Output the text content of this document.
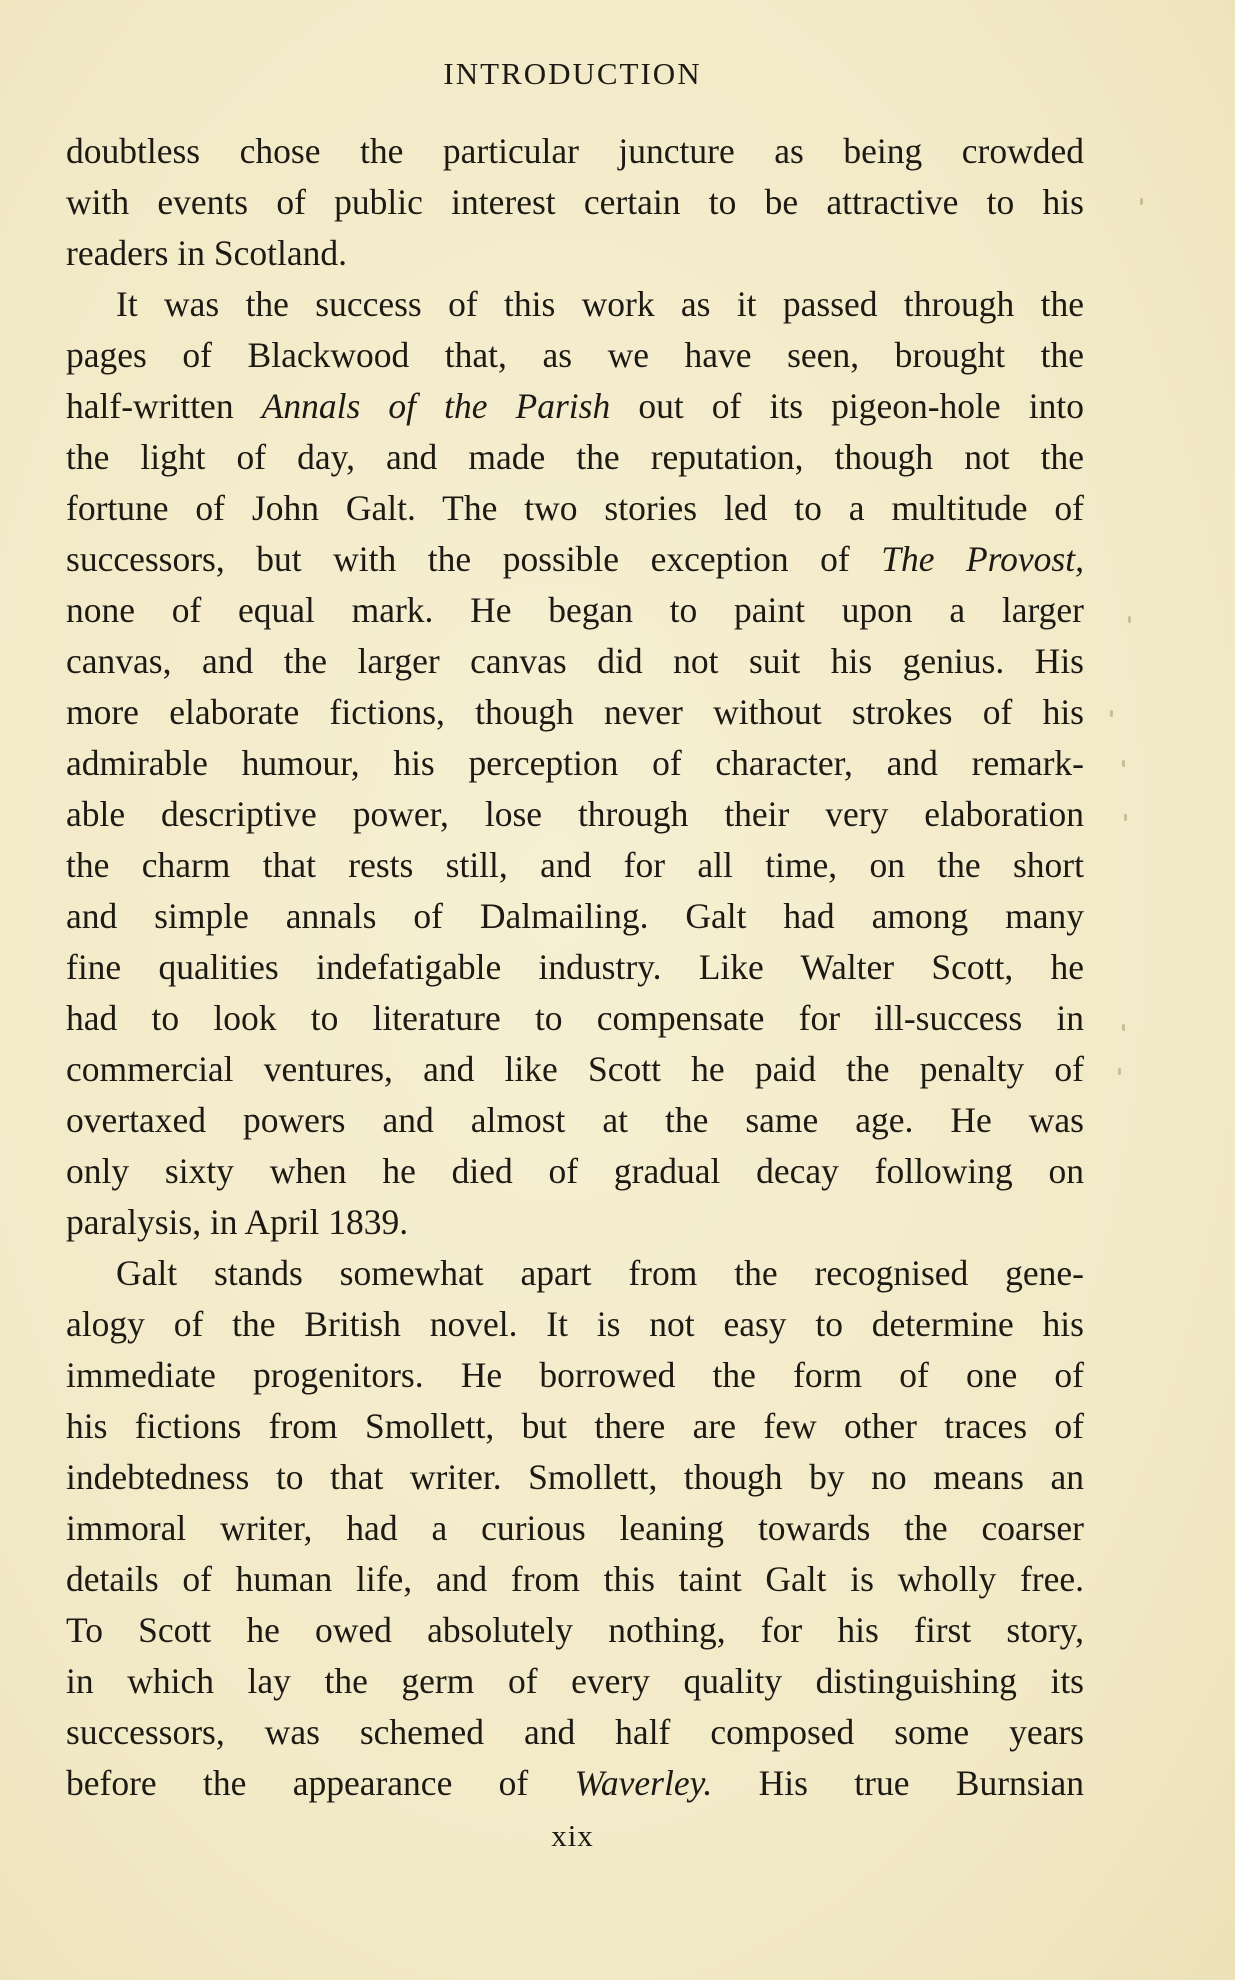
INTRODUCTION
doubtless chose the particular juncture as being crowded
with events of public interest certain to be attractive to his
readers in Scotland.
It was the success of this work as it passed through the
pages of Blackwood that, as we have seen, brought the
half-written Annals of the Parish out of its pigeon-hole into
the light of day, and made the reputation, though not the
fortune of John Galt. The two stories led to a multitude of
successors, but with the possible exception of The Provost,
none of equal mark. He began to paint upon a larger
canvas, and the larger canvas did not suit his genius. His
more elaborate fictions, though never without strokes of his
admirable humour, his perception of character, and remark-
able descriptive power, lose through their very elaboration
the charm that rests still, and for all time, on the short
and simple annals of Dalmailing. Galt had among many
fine qualities indefatigable industry. Like Walter Scott, he
had to look to literature to compensate for ill-success in
commercial ventures, and like Scott he paid the penalty of
overtaxed powers and almost at the same age. He was
only sixty when he died of gradual decay following on
paralysis, in April 1839.
Galt stands somewhat apart from the recognised gene-
alogy of the British novel. It is not easy to determine his
immediate progenitors. He borrowed the form of one of
his fictions from Smollett, but there are few other traces of
indebtedness to that writer. Smollett, though by no means an
immoral writer, had a curious leaning towards the coarser
details of human life, and from this taint Galt is wholly free.
To Scott he owed absolutely nothing, for his first story,
in which lay the germ of every quality distinguishing its
successors, was schemed and half composed some years
before the appearance of Waverley. His true Burnsian
xix
